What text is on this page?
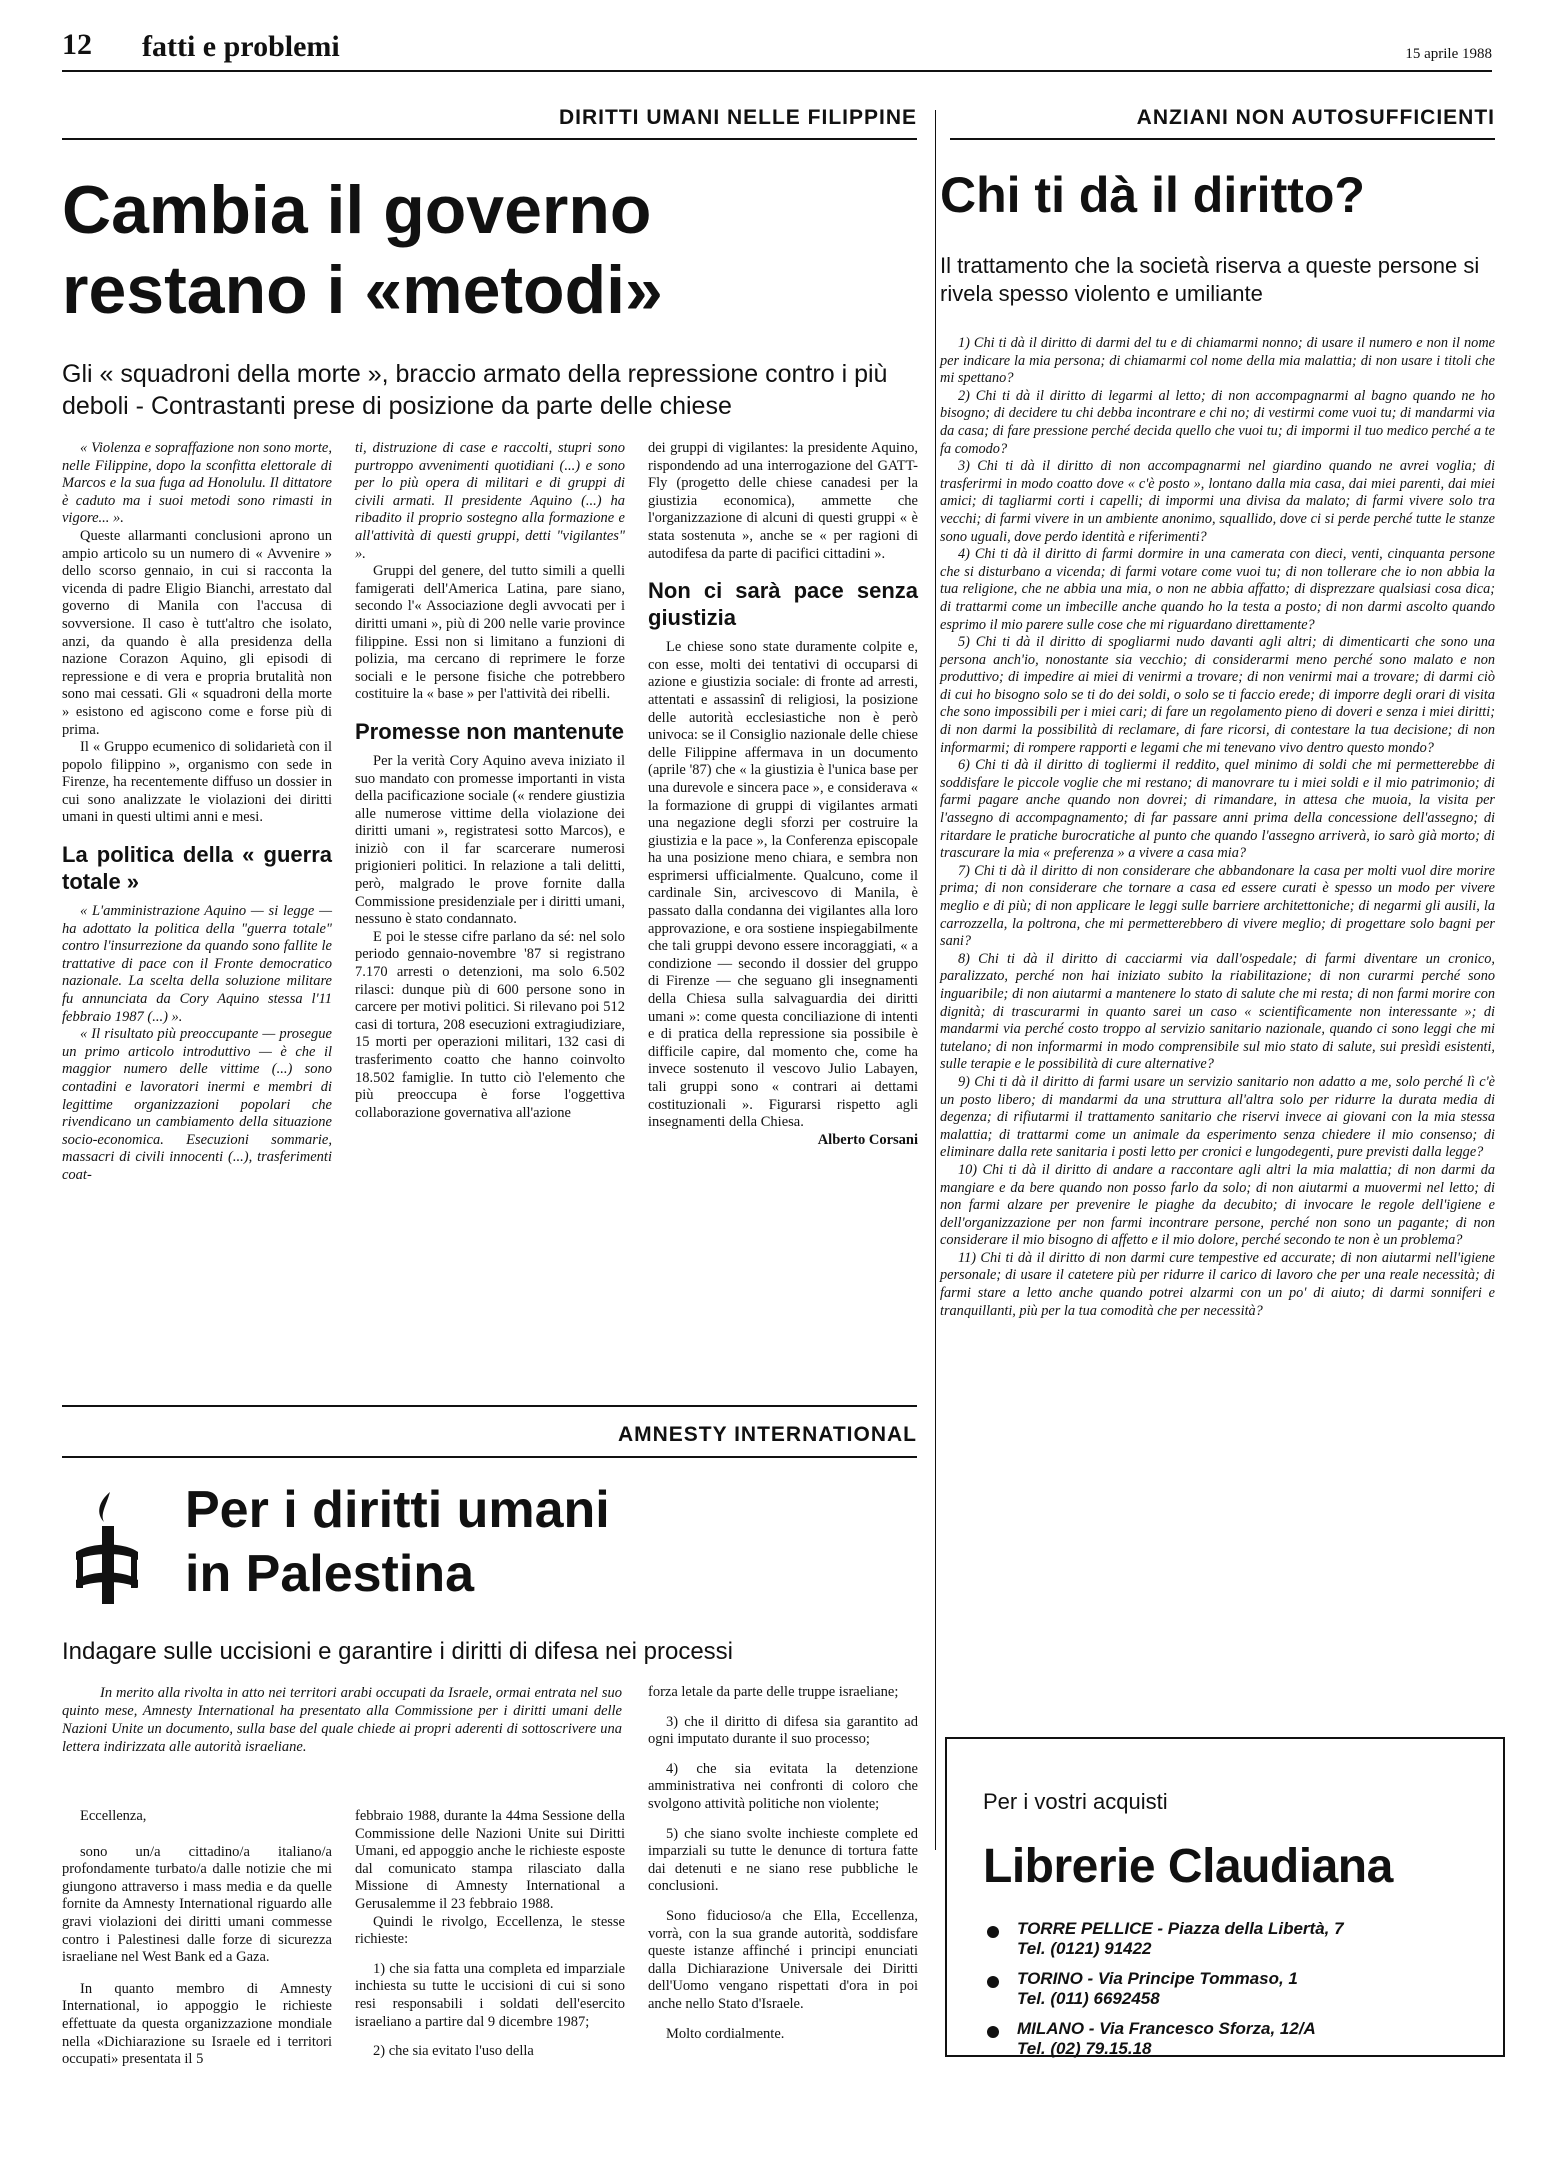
12 fatti e problemi	15 aprile 1988
DIRITTI UMANI NELLE FILIPPINE
Cambia il governo
restano i «metodi»
Gli « squadroni della morte », braccio armato della repressione contro i più deboli - Contrastanti prese di posizione da parte delle chiese

« Violenza e sopraffazione non sono morte, nelle Filippine, dopo la sconfitta elettorale di Marcos e la sua fuga ad Honolulu. Il dittatore è caduto ma i suoi metodi sono rimasti in vigore... ».

Queste allarmanti conclusioni aprono un ampio articolo su un numero di « Avvenire » dello scorso gennaio, in cui si racconta la vicenda di padre Eligio Bianchi, arrestato dal governo di Manila con l'accusa di sovversione. Il caso è tutt'altro che isolato, anzi, da quando è alla presidenza della nazione Corazon Aquino, gli episodi di repressione e di vera e propria brutalità non sono mai cessati. Gli « squadroni della morte » esistono ed agiscono come e forse più di prima.

Il « Gruppo ecumenico di solidarietà con il popolo filippino », organismo con sede in Firenze, ha recentemente diffuso un dossier in cui sono analizzate le violazioni dei diritti umani in questi ultimi anni e mesi.

La politica della « guerra totale »

« L'amministrazione Aquino — si legge — ha adottato la politica della "guerra totale" contro l'insurrezione da quando sono fallite le trattative di pace con il Fronte democratico nazionale. La scelta della soluzione militare fu annunciata da Cory Aquino stessa l'11 febbraio 1987 (...) ».

« Il risultato più preoccupante — prosegue un primo articolo introduttivo — è che il maggior numero delle vittime (...) sono contadini e lavoratori inermi e membri di legittime organizzazioni popolari che rivendicano un cambiamento della situazione socio-economica. Esecuzioni sommarie, massacri di civili innocenti (...), trasferimenti coat-

ti, distruzione di case e raccolti, stupri sono purtroppo avvenimenti quotidiani (...) e sono per lo più opera di militari e di gruppi di civili armati. Il presidente Aquino (...) ha ribadito il proprio sostegno alla formazione e all'attività di questi gruppi, detti "vigilantes" ».

Gruppi del genere, del tutto simili a quelli famigerati dell'America Latina, pare siano, secondo l'« Associazione degli avvocati per i diritti umani », più di 200 nelle varie province filippine. Essi non si limitano a funzioni di polizia, ma cercano di reprimere le forze sociali e le persone fisiche che potrebbero costituire la « base » per l'attività dei ribelli.

Promesse non mantenute

Per la verità Cory Aquino aveva iniziato il suo mandato con promesse importanti in vista della pacificazione sociale (« rendere giustizia alle numerose vittime della violazione dei diritti umani », registratesi sotto Marcos), e iniziò con il far scarcerare numerosi prigionieri politici. In relazione a tali delitti, però, malgrado le prove fornite dalla Commissione presidenziale per i diritti umani, nessuno è stato condannato.

E poi le stesse cifre parlano da sé: nel solo periodo gennaio-novembre '87 si registrano 7.170 arresti o detenzioni, ma solo 6.502 rilasci: dunque più di 600 persone sono in carcere per motivi politici. Si rilevano poi 512 casi di tortura, 208 esecuzioni extragiudiziare, 15 morti per operazioni militari, 132 casi di trasferimento coatto che hanno coinvolto 18.502 famiglie. In tutto ciò l'elemento che più preoccupa è forse l'oggettiva collaborazione governativa all'azione

dei gruppi di vigilantes: la presidente Aquino, rispondendo ad una interrogazione del GATT-Fly (progetto delle chiese canadesi per la giustizia economica), ammette che l'organizzazione di alcuni di questi gruppi « è stata sostenuta », anche se « per ragioni di autodifesa da parte di pacifici cittadini ».

Non ci sarà pace senza giustizia

Le chiese sono state duramente colpite e, con esse, molti dei tentativi di occuparsi di azione e giustizia sociale: di fronte ad arresti, attentati e assassinî di religiosi, la posizione delle autorità ecclesiastiche non è però univoca: se il Consiglio nazionale delle chiese delle Filippine affermava in un documento (aprile '87) che « la giustizia è l'unica base per una durevole e sincera pace », e considerava « la formazione di gruppi di vigilantes armati una negazione degli sforzi per costruire la giustizia e la pace », la Conferenza episcopale ha una posizione meno chiara, e sembra non esprimersi ufficialmente. Qualcuno, come il cardinale Sin, arcivescovo di Manila, è passato dalla condanna dei vigilantes alla loro approvazione, e ora sostiene inspiegabilmente che tali gruppi devono essere incoraggiati, « a condizione — secondo il dossier del gruppo di Firenze — che seguano gli insegnamenti della Chiesa sulla salvaguardia dei diritti umani »: come questa conciliazione di intenti e di pratica della repressione sia possibile è difficile capire, dal momento che, come ha invece sostenuto il vescovo Julio Labayen, tali gruppi sono « contrari ai dettami costituzionali ». Figurarsi rispetto agli insegnamenti della Chiesa.

Alberto Corsani
AMNESTY INTERNATIONAL
Per i diritti umani
in Palestina
Indagare sulle uccisioni e garantire i diritti di difesa nei processi
In merito alla rivolta in atto nei territori arabi occupati da Israele, ormai entrata nel suo quinto mese, Amnesty International ha presentato alla Commissione per i diritti umani delle Nazioni Unite un documento, sulla base del quale chiede ai propri aderenti di sottoscrivere una lettera indirizzata alle autorità israeliane.

Eccellenza,

sono un/a cittadino/a italiano/a profondamente turbato/a dalle notizie che mi giungono attraverso i mass media e da quelle fornite da Amnesty International riguardo alle gravi violazioni dei diritti umani commesse contro i Palestinesi dalle forze di sicurezza israeliane nel West Bank ed a Gaza.

In quanto membro di Amnesty International, io appoggio le richieste effettuate da questa organizzazione mondiale nella «Dichiarazione su Israele ed i territori occupati» presentata il 5

febbraio 1988, durante la 44ma Sessione della Commissione delle Nazioni Unite sui Diritti Umani, ed appoggio anche le richieste esposte dal comunicato stampa rilasciato dalla Missione di Amnesty International a Gerusalemme il 23 febbraio 1988.

Quindi le rivolgo, Eccellenza, le stesse richieste:

1) che sia fatta una completa ed imparziale inchiesta su tutte le uccisioni di cui si sono resi responsabili i soldati dell'esercito israeliano a partire dal 9 dicembre 1987;

2) che sia evitato l'uso della

forza letale da parte delle truppe israeliane;

3) che il diritto di difesa sia garantito ad ogni imputato durante il suo processo;

4) che sia evitata la detenzione amministrativa nei confronti di coloro che svolgono attività politiche non violente;

5) che siano svolte inchieste complete ed imparziali su tutte le denunce di tortura fatte dai detenuti e ne siano rese pubbliche le conclusioni.

Sono fiducioso/a che Ella, Eccellenza, vorrà, con la sua grande autorità, soddisfare queste istanze affinché i principi enunciati dalla Dichiarazione Universale dei Diritti dell'Uomo vengano rispettati d'ora in poi anche nello Stato d'Israele.

Molto cordialmente.

ANZIANI NON AUTOSUFFICIENTI
Chi ti dà il diritto?
Il trattamento che la società riserva a queste persone si rivela spesso violento e umiliante

1) Chi ti dà il diritto di darmi del tu e di chiamarmi nonno; di usare il numero e non il nome per indicare la mia persona; di chiamarmi col nome della mia malattia; di non usare i titoli che mi spettano?

2) Chi ti dà il diritto di legarmi al letto; di non accompagnarmi al bagno quando ne ho bisogno; di decidere tu chi debba incontrare e chi no; di vestirmi come vuoi tu; di mandarmi via da casa; di fare pressione perché decida quello che vuoi tu; di impormi il tuo medico perché a te fa comodo?

3) Chi ti dà il diritto di non accompagnarmi nel giardino quando ne avrei voglia; di trasferirmi in modo coatto dove « c'è posto », lontano dalla mia casa, dai miei parenti, dai miei amici; di tagliarmi corti i capelli; di impormi una divisa da malato; di farmi vivere solo tra vecchi; di farmi vivere in un ambiente anonimo, squallido, dove ci si perde perché tutte le stanze sono uguali, dove perdo identità e riferimenti?

4) Chi ti dà il diritto di farmi dormire in una camerata con dieci, venti, cinquanta persone che si disturbano a vicenda; di farmi votare come vuoi tu; di non tollerare che io non abbia la tua religione, che ne abbia una mia, o non ne abbia affatto; di disprezzare qualsiasi cosa dica; di trattarmi come un imbecille anche quando ho la testa a posto; di non darmi ascolto quando esprimo il mio parere sulle cose che mi riguardano direttamente?

5) Chi ti dà il diritto di spogliarmi nudo davanti agli altri; di dimenticarti che sono una persona anch'io, nonostante sia vecchio; di considerarmi meno perché sono malato e non produttivo; di impedire ai miei di venirmi a trovare; di non venirmi mai a trovare; di darmi ciò di cui ho bisogno solo se ti do dei soldi, o solo se ti faccio erede; di imporre degli orari di visita che sono impossibili per i miei cari; di fare un regolamento pieno di doveri e senza i miei diritti; di non darmi la possibilità di reclamare, di fare ricorsi, di contestare la tua decisione; di non informarmi; di rompere rapporti e legami che mi tenevano vivo dentro questo mondo?

6) Chi ti dà il diritto di togliermi il reddito, quel minimo di soldi che mi permetterebbe di soddisfare le piccole voglie che mi restano; di manovrare tu i miei soldi e il mio patrimonio; di farmi pagare anche quando non dovrei; di rimandare, in attesa che muoia, la visita per l'assegno di accompagnamento; di far passare anni prima della concessione dell'assegno; di ritardare le pratiche burocratiche al punto che quando l'assegno arriverà, io sarò già morto; di trascurare la mia « preferenza » a vivere a casa mia?

7) Chi ti dà il diritto di non considerare che abbandonare la casa per molti vuol dire morire prima; di non considerare che tornare a casa ed essere curati è spesso un modo per vivere meglio e di più; di non applicare le leggi sulle barriere architettoniche; di negarmi gli ausili, la carrozzella, la poltrona, che mi permetterebbero di vivere meglio; di progettare solo bagni per sani?

8) Chi ti dà il diritto di cacciarmi via dall'ospedale; di farmi diventare un cronico, paralizzato, perché non hai iniziato subito la riabilitazione; di non curarmi perché sono inguaribile; di non aiutarmi a mantenere lo stato di salute che mi resta; di non farmi morire con dignità; di trascurarmi in quanto sarei un caso « scientificamente non interessante »; di mandarmi via perché costo troppo al servizio sanitario nazionale, quando ci sono leggi che mi tutelano; di non informarmi in modo comprensibile sul mio stato di salute, sui presìdi esistenti, sulle terapie e le possibilità di cure alternative?

9) Chi ti dà il diritto di farmi usare un servizio sanitario non adatto a me, solo perché lì c'è un posto libero; di mandarmi da una struttura all'altra solo per ridurre la durata media di degenza; di rifiutarmi il trattamento sanitario che riservi invece ai giovani con la mia stessa malattia; di trattarmi come un animale da esperimento senza chiedere il mio consenso; di eliminare dalla rete sanitaria i posti letto per cronici e lungodegenti, pure previsti dalla legge?

10) Chi ti dà il diritto di andare a raccontare agli altri la mia malattia; di non darmi da mangiare e da bere quando non posso farlo da solo; di non aiutarmi a muovermi nel letto; di non farmi alzare per prevenire le piaghe da decubito; di invocare le regole dell'igiene e dell'organizzazione per non farmi incontrare persone, perché non sono un pagante; di non considerare il mio bisogno di affetto e il mio dolore, perché secondo te non è un problema?

11) Chi ti dà il diritto di non darmi cure tempestive ed accurate; di non aiutarmi nell'igiene personale; di usare il catetere più per ridurre il carico di lavoro che per una reale necessità; di farmi stare a letto anche quando potrei alzarmi con un po' di aiuto; di darmi sonniferi e tranquillanti, più per la tua comodità che per necessità?

Per i vostri acquisti
Librerie Claudiana
TORRE PELLICE - Piazza della Libertà, 7
Tel. (0121) 91422
TORINO - Via Principe Tommaso, 1
Tel. (011) 6692458
MILANO - Via Francesco Sforza, 12/A
Tel. (02) 79.15.18
